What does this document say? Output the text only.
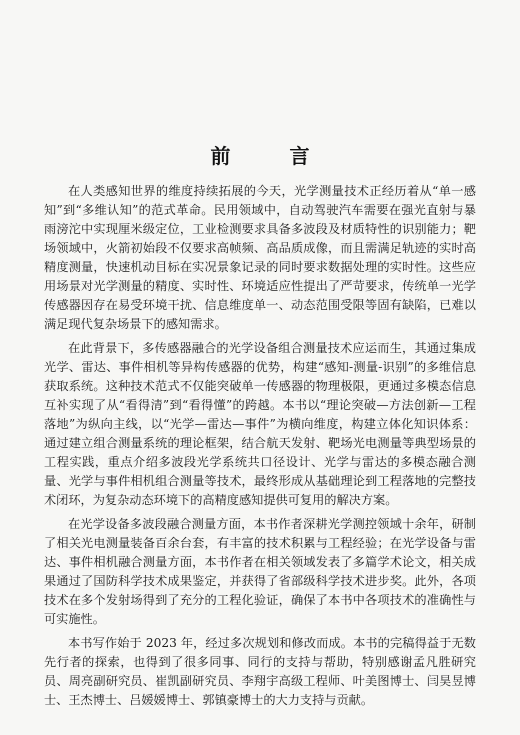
前 言

在人类感知世界的维度持续拓展的今天，光学测量技术正经历着从“单一感知”到“多维认知”的范式革命。民用领域中，自动驾驶汽车需要在强光直射与暴雨滂沱中实现厘米级定位，工业检测要求具备多波段及材质特性的识别能力；靶场领域中，火箭初始段不仅要求高帧频、高品质成像，而且需满足轨迹的实时高精度测量，快速机动目标在实况景象记录的同时要求数据处理的实时性。这些应用场景对光学测量的精度、实时性、环境适应性提出了严苛要求，传统单一光学传感器因存在易受环境干扰、信息维度单一、动态范围受限等固有缺陷，已难以满足现代复杂场景下的感知需求。

在此背景下，多传感器融合的光学设备组合测量技术应运而生，其通过集成光学、雷达、事件相机等异构传感器的优势，构建“感知-测量-识别”的多维信息获取系统。这种技术范式不仅能突破单一传感器的物理极限，更通过多模态信息互补实现了从“看得清”到“看得懂”的跨越。本书以“理论突破—方法创新—工程落地”为纵向主线，以“光学—雷达—事件”为横向维度，构建立体化知识体系：通过建立组合测量系统的理论框架，结合航天发射、靶场光电测量等典型场景的工程实践，重点介绍多波段光学系统共口径设计、光学与雷达的多模态融合测量、光学与事件相机组合测量等技术，最终形成从基础理论到工程落地的完整技术闭环，为复杂动态环境下的高精度感知提供可复用的解决方案。

在光学设备多波段融合测量方面，本书作者深耕光学测控领域十余年，研制了相关光电测量装备百余台套，有丰富的技术积累与工程经验；在光学设备与雷达、事件相机融合测量方面，本书作者在相关领域发表了多篇学术论文，相关成果通过了国防科学技术成果鉴定，并获得了省部级科学技术进步奖。此外，各项技术在多个发射场得到了充分的工程化验证，确保了本书中各项技术的准确性与可实施性。

本书写作始于 2023 年，经过多次规划和修改而成。本书的完稿得益于无数先行者的探索，也得到了很多同事、同行的支持与帮助，特别感谢孟凡胜研究员、周亮副研究员、崔凯副研究员、李翔宇高级工程师、叶美图博士、闫昊昱博士、王杰博士、吕媛媛博士、郭镇豪博士的大力支持与贡献。
